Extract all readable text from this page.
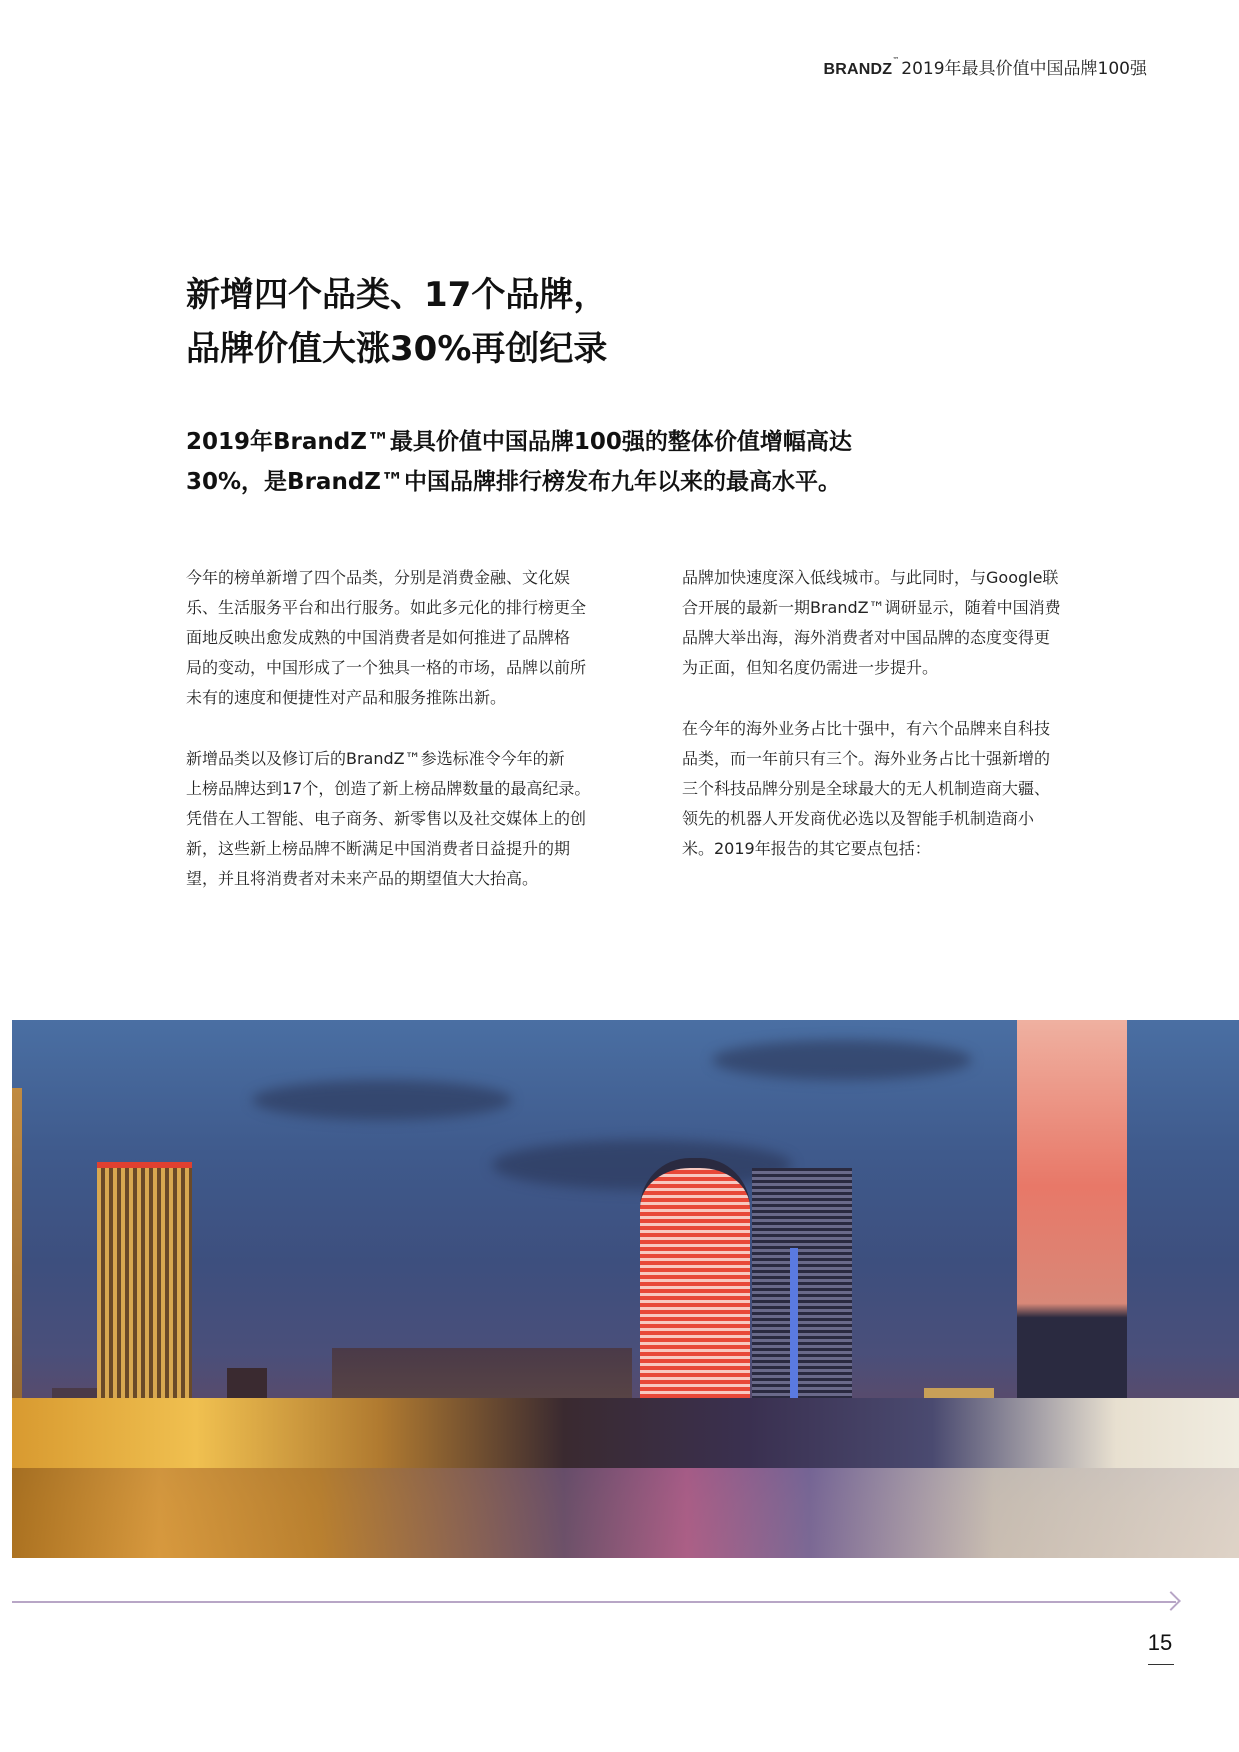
BRANDZ™ 2019年最具价值中国品牌100强
新增四个品类、17个品牌，
品牌价值大涨30%再创纪录
2019年BrandZ™最具价值中国品牌100强的整体价值增幅高达
30%，是BrandZ™中国品牌排行榜发布九年以来的最高水平。

今年的榜单新增了四个品类，分别是消费金融、文化娱
乐、生活服务平台和出行服务。如此多元化的排行榜更全
面地反映出愈发成熟的中国消费者是如何推进了品牌格
局的变动，中国形成了一个独具一格的市场，品牌以前所
未有的速度和便捷性对产品和服务推陈出新。

新增品类以及修订后的BrandZ™参选标准令今年的新
上榜品牌达到17个，创造了新上榜品牌数量的最高纪录。
凭借在人工智能、电子商务、新零售以及社交媒体上的创
新，这些新上榜品牌不断满足中国消费者日益提升的期
望，并且将消费者对未来产品的期望值大大抬高。

品牌加快速度深入低线城市。与此同时，与Google联
合开展的最新一期BrandZ™调研显示，随着中国消费
品牌大举出海，海外消费者对中国品牌的态度变得更
为正面，但知名度仍需进一步提升。

在今年的海外业务占比十强中，有六个品牌来自科技
品类，而一年前只有三个。海外业务占比十强新增的
三个科技品牌分别是全球最大的无人机制造商大疆、
领先的机器人开发商优必选以及智能手机制造商小
米。2019年报告的其它要点包括：

15
